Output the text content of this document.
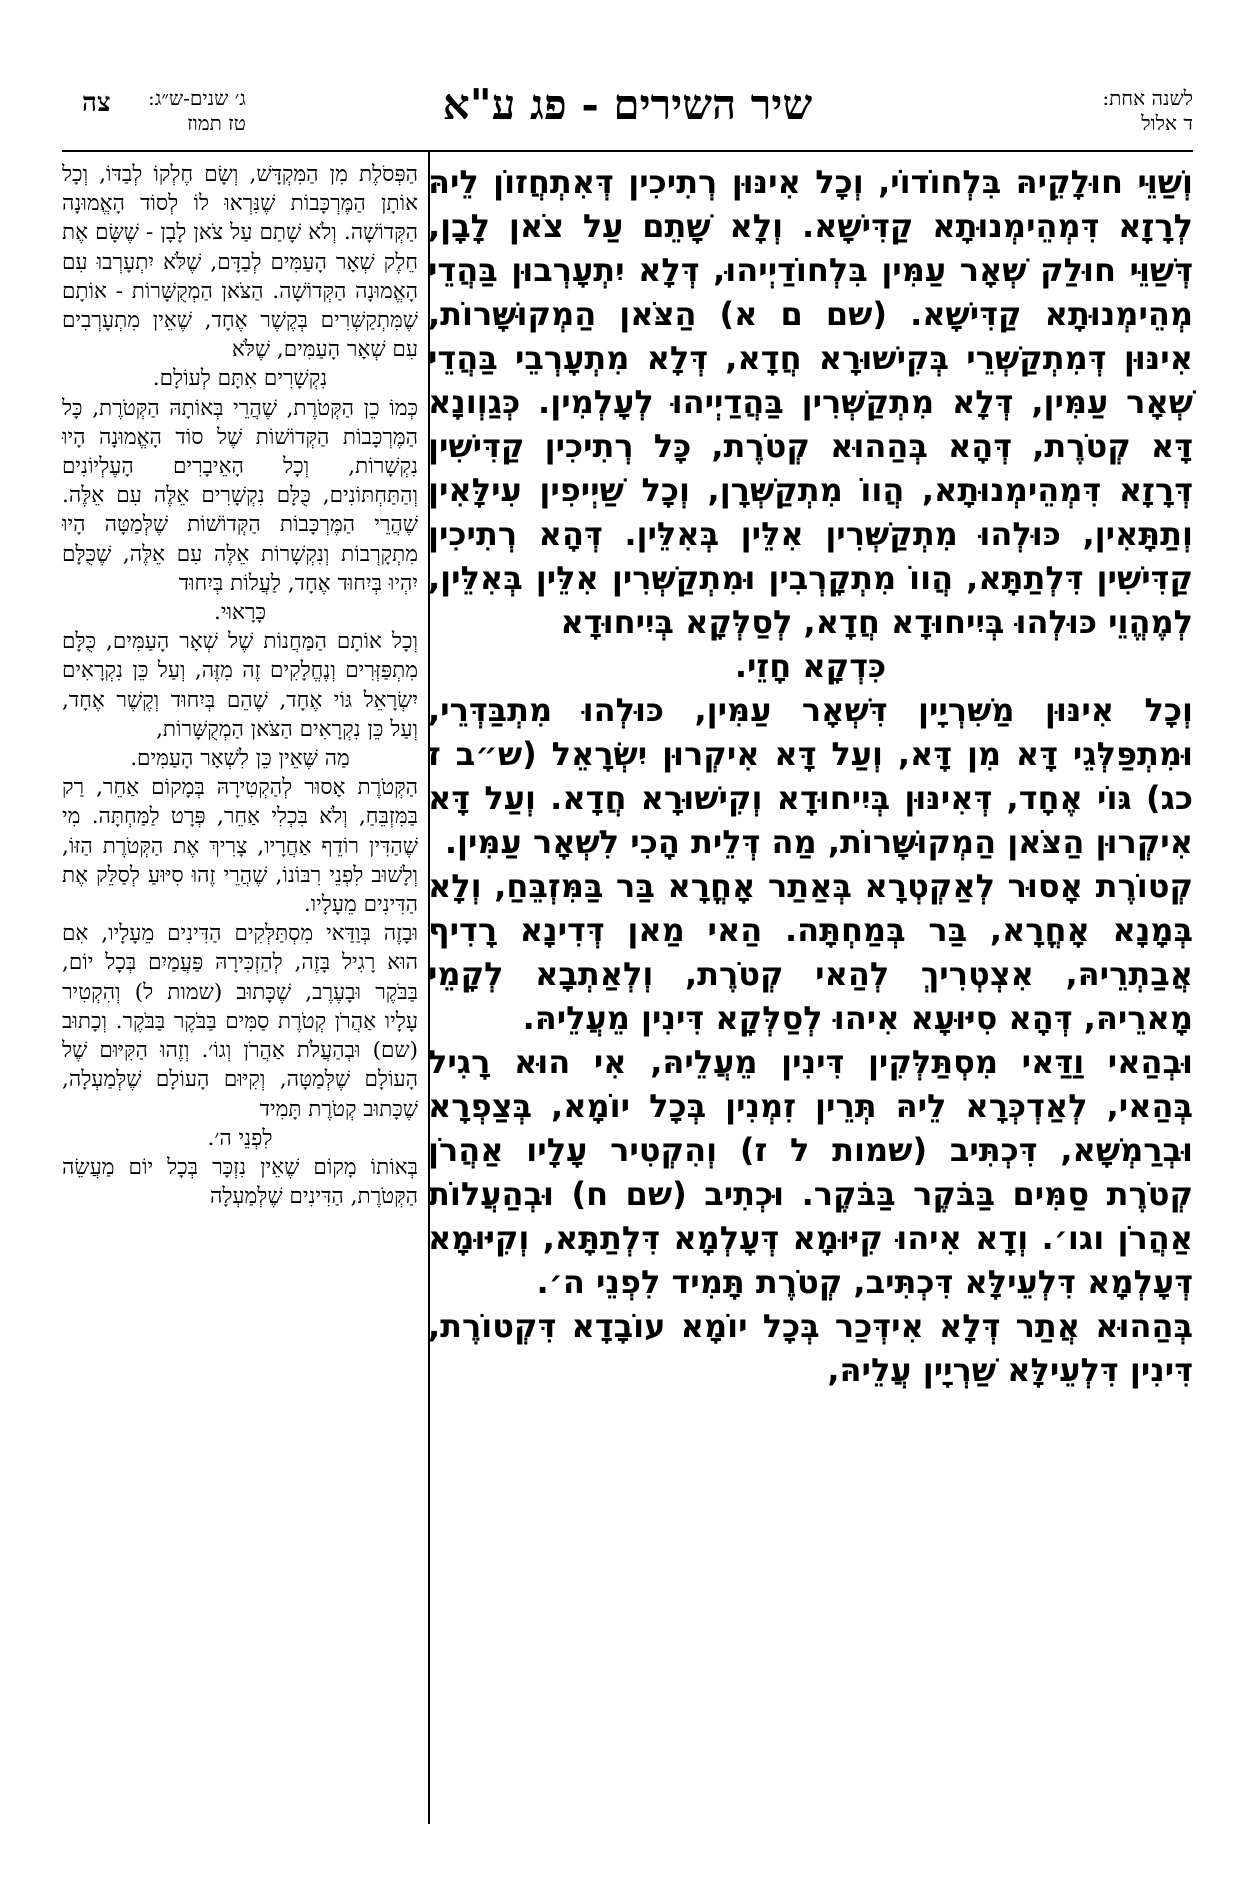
לשנה אחת:
ד אלול
שיר השירים - פג ע"א
ג׳ שנים-ש״ג:
טז תמוז
צה

וְשַׁוֵּי חוּלָקֵיהּ בִּלְחוֹדוֹי, וְכָל אִינּוּן רְתִיכִין דְּאִתְחֲזוֹן לֵיהּ לְרָזָא דִּמְהֵימְנוּתָא קַדִּישָׁא. וְלָא שָׁתֵם עַל צֹאן לָבָן, דְּשַׁוֵּי חוּלַק שְׁאָר עַמִּין בִּלְחוֹדַיְיהוּ, דְּלָא יִתְעָרְבוּן בַּהֲדֵי מְהֵימְנוּתָא קַדִּישָׁא. (שם ם א) הַצֹּאן הַמְקוּשָּׁרוֹת, אִינּוּן דְּמִתְקַשְּׁרֵי בְּקִישׁוּרָא חֲדָא, דְּלָא מִתְעָרְבֵי בַּהֲדֵי שְׁאָר עַמִּין, דְּלָא מִתְקַשְּׁרִין בַּהֲדַיְיהוּ לְעָלְמִין. כְּגַוְונָא דָּא קְטֹרֶת, דְּהָא בְּהַהוּא קְטֹרֶת, כָּל רְתִיכִין קַדִּישִׁין דְּרָזָא דִּמְהֵימְנוּתָא, הֲווֹ מִתְקַשְּׁרָן, וְכָל שַׁיְיפִין עִילָּאִין וְתַתָּאִין, כּוּלְהוּ מִתְקַשְּׁרִין אִלֵּין בְּאִלֵּין. דְּהָא רְתִיכִין קַדִּישִׁין דִּלְתַתָּא, הֲווֹ מִתְקָרְבִין וּמִתְקַשְּׁרִין אִלֵּין בְּאִלֵּין, לְמֶהֱוֵי כּוּלְהוּ בְּיִיחוּדָא חֲדָא, לְסַלְּקָא בְּיִיחוּדָא

כִּדְקָא חָזֵי.

וְכָל אִינּוּן מַשִּׁרְיָין דִּשְׁאָר עַמִּין, כּוּלְהוּ מִתְבַּדְּרֵי, וּמִתְפַּלְּגֵי דָּא מִן דָּא, וְעַל דָּא אִיקְרוּן יִשְׂרָאֵל (ש״ב ז כג) גּוֹי אֶחָד, דְּאִינּוּן בְּיִיחוּדָא וְקִישׁוּרָא חֲדָא. וְעַל דָּא אִיקְרוּן הַצֹּאן הַמְקוּשָּׁרוֹת, מַה דְּלֵית הָכִי לִשְׁאָר עַמִּין.

קְטוֹרֶת אָסוּר לְאַקְטְרָא בְּאַתַר אָחֳרָא בַּר בַּמִּזְבֵּחַ, וְלָא בְּמָנָא אָחֳרָא, בַּר בְּמַחְתָּה. הַאי מַאן דְּדִינָא רָדִיף אֲבַתְרֵיהּ, אִצְטְרִיךְ לְהַאי קְטֹרֶת, וְלְאַתְבָא לְקָמֵי מָארֵיהּ, דְּהָא סִיּוּעָא אִיהוּ לְסַלְּקָא דִּינִין מֵעֲלֵיהּ.

וּבְהַאי וַדַּאי מִסְתַּלְּקִין דִּינִין מֵעֲלֵיהּ, אִי הוּא רָגִיל בְּהַאי, לְאַדְכְּרָא לֵיהּ תְּרֵין זִמְנִין בְּכָל יוֹמָא, בְּצַפְרָא וּבְרַמְשָׁא, דִּכְתִּיב (שמות ל ז) וְהִקְטִיר עָלָיו אַהֲרֹן קְטֹרֶת סַמִּים בַּבֹּקֶר בַּבֹּקֶר. וּכְתִיב (שם ח) וּבְהַעֲלוֹת אַהֲרֹן וגו׳. וְדָא אִיהוּ קִיּוּמָא דְּעָלְמָא דִּלְתַתָּא, וְקִיּוּמָא דְּעָלְמָא דִּלְעֵילָּא דִּכְתִּיב, קְטֹרֶת תָּמִיד לִפְנֵי ה׳.

בְּהַהוּא אֲתַר דְּלָא אִידְּכַר בְּכָל יוֹמָא עוֹבָדָא דִּקְטוֹרֶת, דִּינִין דִּלְעֵילָּא שַׁרְיָין עֲלֵיהּ,

הַפְּסֹלֶת מִן הַמִּקְדָּשׁ, וְשָׂם חֶלְקוֹ לְבַדּוֹ, וְכָל אוֹתָן הַמֶּרְכָּבוֹת שֶׁנִּרְאוּ לוֹ לְסוֹד הָאֱמוּנָה הַקְּדוֹשָׁה. וְלֹא שָׁתַם עַל צֹאן לָבָן - שֶׁשָּׂם אֶת חֵלֶק שְׁאָר הָעַמִּים לְבַדָּם, שֶׁלֹּא יִתְעָרְבוּ עִם הָאֱמוּנָה הַקְּדוֹשָׁה. הַצֹּאן הַמְקֻשָּׁרוֹת - אוֹתָם שֶׁמִּתְקַשְּׁרִים בְּקֶשֶׁר אֶחָד, שֶׁאֵין מִתְעָרְבִים עִם שְׁאָר הָעַמִּים, שֶׁלֹּא

נִקְשָׁרִים אִתָּם לְעוֹלָם.

כְּמוֹ כֵן הַקְּטֹרֶת, שֶׁהֲרֵי בְּאוֹתָהּ הַקְּטֹרֶת, כָּל הַמֶּרְכָּבוֹת הַקְּדוֹשׁוֹת שֶׁל סוֹד הָאֱמוּנָה הָיוּ נִקְשָׁרוֹת, וְכָל הָאֵיבָרִים הָעֶלְיוֹנִים וְהַתַּחְתּוֹנִים, כֻּלָּם נִקְשָׁרִים אֵלֶּה עִם אֵלֶּה. שֶׁהֲרֵי הַמֶּרְכָּבוֹת הַקְּדוֹשׁוֹת שֶׁלְּמַטָּה הָיוּ מִתְקָרְבוֹת וְנִקְשָׁרוֹת אֵלֶּה עִם אֵלֶּה, שֶׁכֻּלָּם יִהְיוּ בְּיִחוּד אֶחָד, לַעֲלוֹת בְּיִחוּד

כָּרָאוּי.

וְכָל אוֹתָם הַמַּחֲנוֹת שֶׁל שְׁאָר הָעַמִּים, כֻּלָּם מִתְפַּזְּרִים וְנֶחֱלָקִים זֶה מִזֶּה, וְעַל כֵּן נִקְרָאִים יִשְׂרָאֵל גּוֹי אֶחָד, שֶׁהֵם בְּיִחוּד וְקֶשֶׁר אֶחָד, וְעַל כֵּן נִקְרָאִים הַצֹּאן הַמְקֻשָּׁרוֹת,

מַה שֶּׁאֵין כֵּן לִשְׁאָר הָעַמִּים.

הַקְּטֹרֶת אָסוּר לְהַקְטִירָהּ בְּמָקוֹם אַחֵר, רַק בַּמִּזְבֵּחַ, וְלֹא בִּכְלִי אַחֵר, פְּרָט לַמַּחְתָּה. מִי שֶׁהַדִּין רוֹדֵף אַחֲרָיו, צָרִיךְ אֶת הַקְּטֹרֶת הַזּוֹ, וְלָשׁוּב לִפְנֵי רִבּוֹנוֹ, שֶׁהֲרֵי זֶהוּ סִיּוּעַ לְסַלֵּק אֶת הַדִּינִים מֵעָלָיו.

וּבָזֶה בְּוַדַּאי מִסְתַּלְּקִים הַדִּינִים מֵעָלָיו, אִם הוּא רָגִיל בָּזֶה, לְהַזְכִּירָהּ פַּעֲמַיִם בְּכָל יוֹם, בַּבֹּקֶר וּבָעֶרֶב, שֶׁכָּתוּב (שמות ל) וְהִקְטִיר עָלָיו אַהֲרֹן קְטֹרֶת סַמִּים בַּבֹּקֶר בַּבֹּקֶר. וְכָתוּב (שם) וּבְהַעֲלֹת אַהֲרֹן וְגוֹ׳. וְזֶהוּ הַקִּיּוּם שֶׁל הָעוֹלָם שֶׁלְּמַטָּה, וְקִיּוּם הָעוֹלָם שֶׁלְּמַעְלָה, שֶׁכָּתוּב קְטֹרֶת תָּמִיד

לִפְנֵי ה׳.

בְּאוֹתוֹ מָקוֹם שֶׁאֵין נִזְכָּר בְּכָל יוֹם מַעֲשֵׂה הַקְּטֹרֶת, הַדִּינִים שֶׁלְּמַעְלָה
